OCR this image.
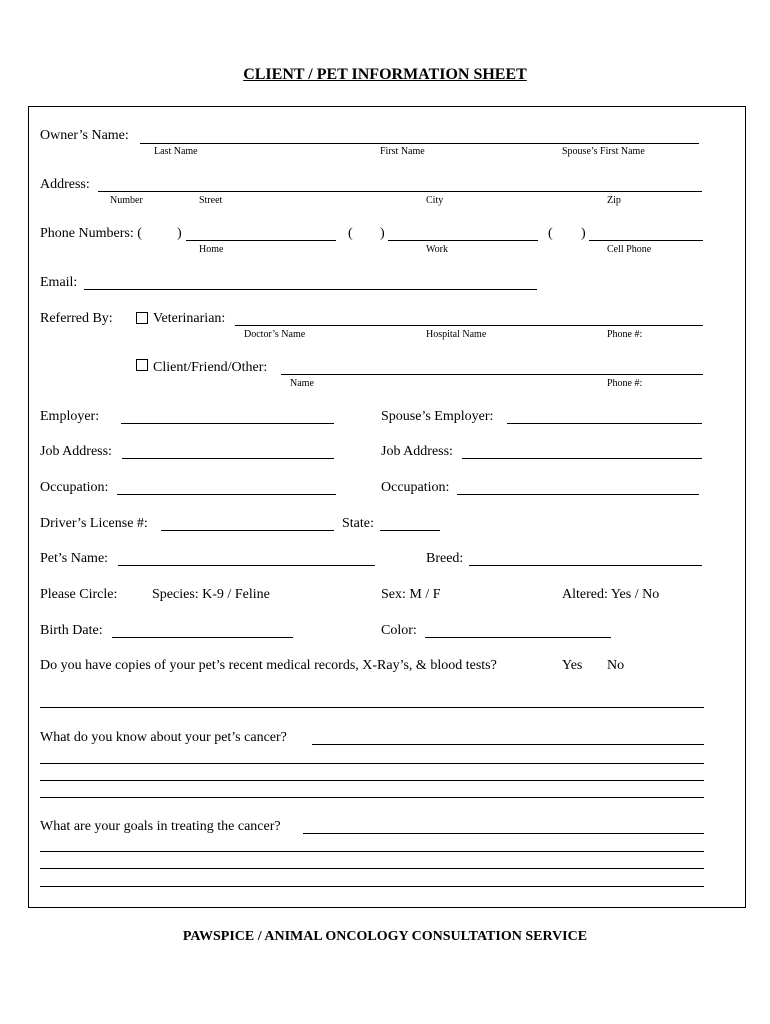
CLIENT / PET INFORMATION SHEET
Owner’s Name:
Last Name	First Name	Spouse’s First Name
Address:
Number	Street	City	Zip
Phone Numbers: (	)	( )	( )
Home	Work	Cell Phone
Email:
Referred By:	Veterinarian:
Doctor’s Name	Hospital Name	Phone #:
Client/Friend/Other:
Name	Phone #:
Employer:	Spouse’s Employer:
Job Address:	Job Address:
Occupation:	Occupation:
Driver’s License #:	State:
Pet’s Name:	Breed:
Please Circle: Species: K-9 / Feline	Sex: M / F	Altered: Yes / No
Birth Date:	Color:
Do you have copies of your pet’s recent medical records, X-Ray’s, & blood tests?	Yes No
What do you know about your pet’s cancer?
What are your goals in treating the cancer?
PAWSPICE / ANIMAL ONCOLOGY CONSULTATION SERVICE
